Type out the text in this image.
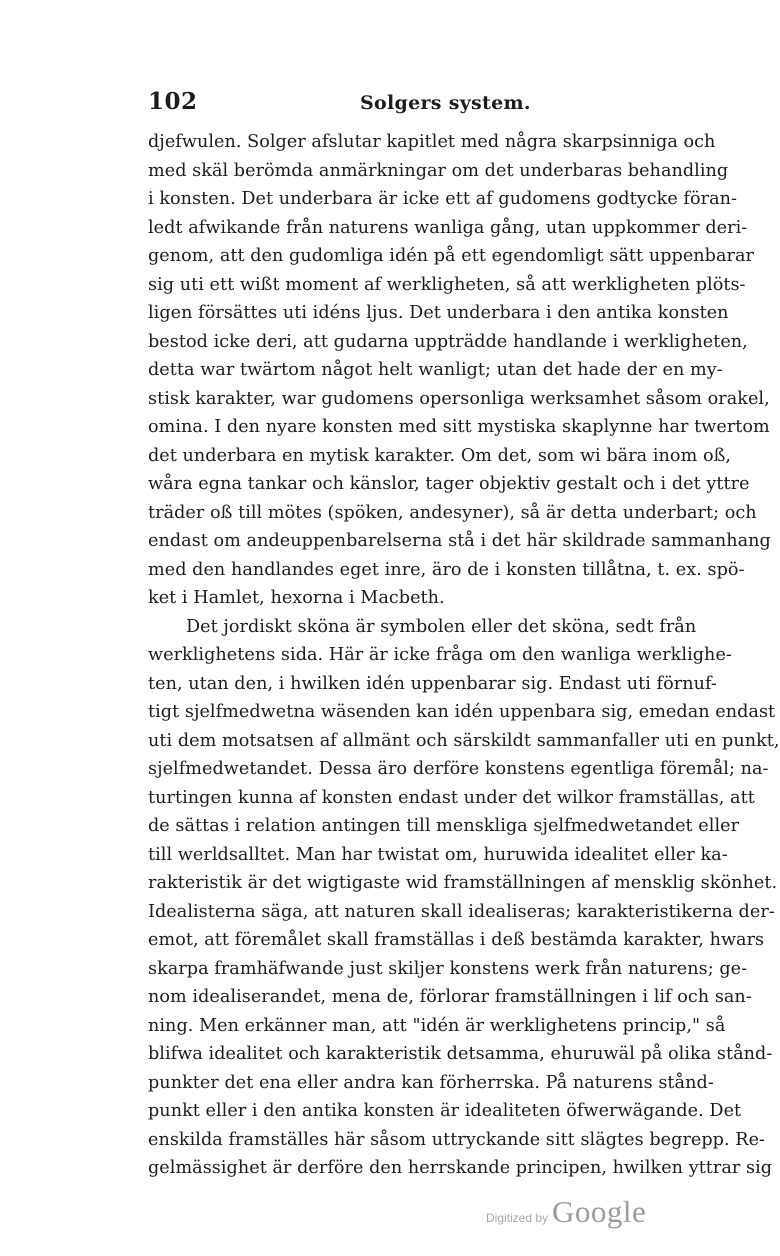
102	Solgers system.
djefwulen. Solger afslutar kapitlet med några skarpsinniga och
med skäl berömda anmärkningar om det underbaras behandling
i konsten. Det underbara är icke ett af gudomens godtycke föran-
ledt afwikande från naturens wanliga gång, utan uppkommer deri-
genom, att den gudomliga idén på ett egendomligt sätt uppenbarar
sig uti ett wißt moment af werkligheten, så att werkligheten plöts-
ligen försättes uti idéns ljus. Det underbara i den antika konsten
bestod icke deri, att gudarna uppträdde handlande i werkligheten,
detta war twärtom något helt wanligt; utan det hade der en my-
stisk karakter, war gudomens opersonliga werksamhet såsom orakel,
omina. I den nyare konsten med sitt mystiska skaplynne har twertom
det underbara en mytisk karakter. Om det, som wi bära inom oß,
wåra egna tankar och känslor, tager objektiv gestalt och i det yttre
träder oß till mötes (spöken, andesyner), så är detta underbart; och
endast om andeuppenbarelserna stå i det här skildrade sammanhang
med den handlandes eget inre, äro de i konsten tillåtna, t. ex. spö-
ket i Hamlet, hexorna i Macbeth.
Det jordiskt sköna är symbolen eller det sköna, sedt från
werklighetens sida. Här är icke fråga om den wanliga werklighe-
ten, utan den, i hwilken idén uppenbarar sig. Endast uti förnuf-
tigt sjelfmedwetna wäsenden kan idén uppenbara sig, emedan endast
uti dem motsatsen af allmänt och särskildt sammanfaller uti en punkt,
sjelfmedwetandet. Dessa äro derföre konstens egentliga föremål; na-
turtingen kunna af konsten endast under det wilkor framställas, att
de sättas i relation antingen till menskliga sjelfmedwetandet eller
till werldsalltet. Man har twistat om, huruwida idealitet eller ka-
rakteristik är det wigtigaste wid framställningen af mensklig skönhet.
Idealisterna säga, att naturen skall idealiseras; karakteristikerna der-
emot, att föremålet skall framställas i deß bestämda karakter, hwars
skarpa framhäfwande just skiljer konstens werk från naturens; ge-
nom idealiserandet, mena de, förlorar framställningen i lif och san-
ning. Men erkänner man, att "idén är werklighetens princip," så
blifwa idealitet och karakteristik detsamma, ehuruwäl på olika stånd-
punkter det ena eller andra kan förherrska. På naturens stånd-
punkt eller i den antika konsten är idealiteten öfwerwägande. Det
enskilda framställes här såsom uttryckande sitt slägtes begrepp. Re-
gelmässighet är derföre den herrskande principen, hwilken yttrar sig
Digitized by Google
